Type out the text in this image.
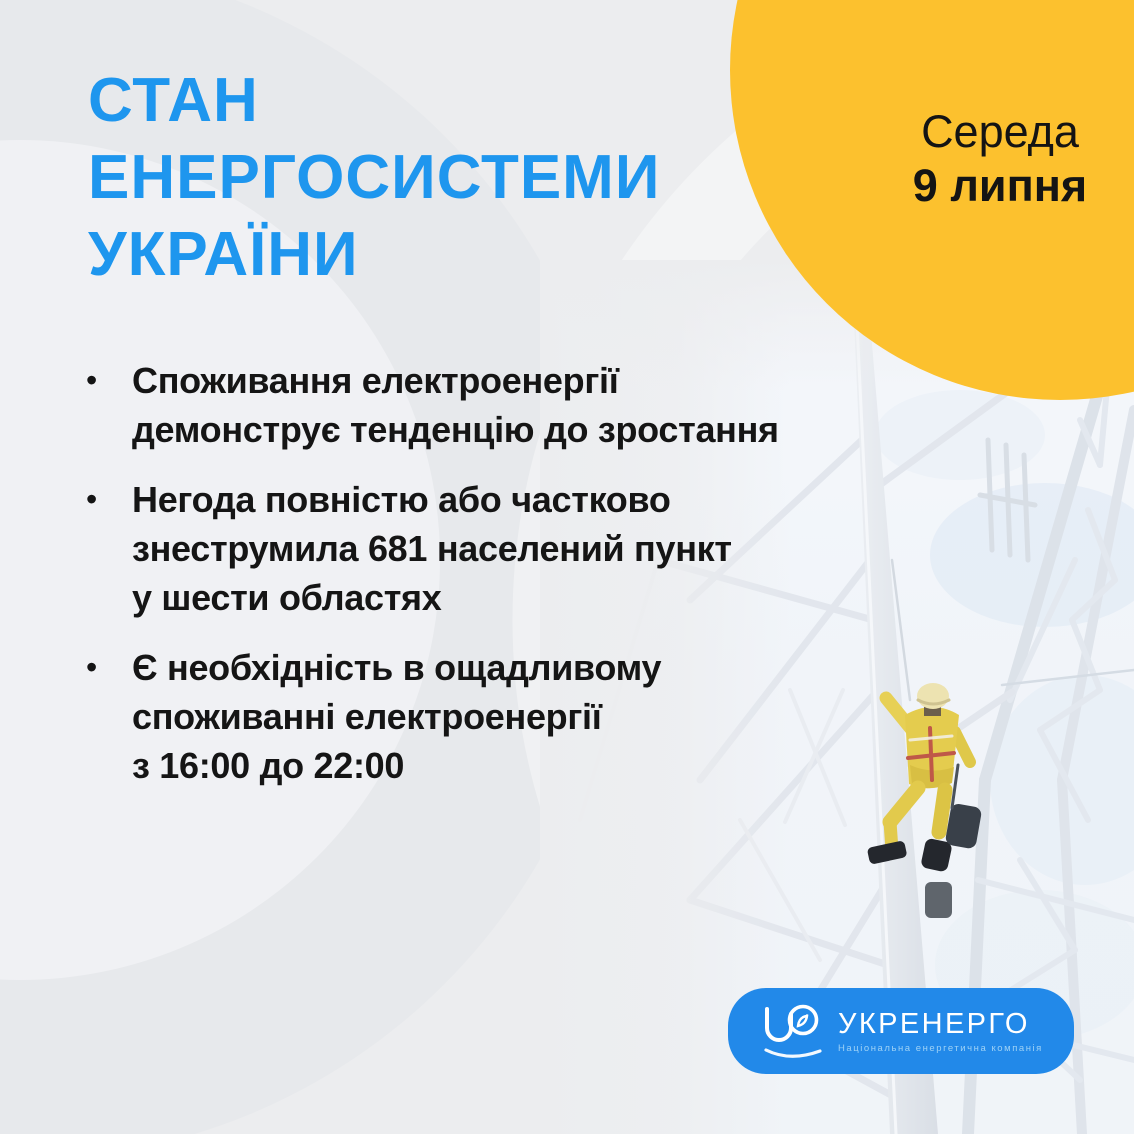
Середа
9 липня
СТАН
ЕНЕРГОСИСТЕМИ
УКРАЇНИ
• Споживання електроенергії
демонструє тенденцію до зростання
• Негода повністю або частково
знеструмила 681 населений пункт
у шести областях
• Є необхідність в ощадливому
споживанні електроенергії
з 16:00 до 22:00
УКРЕНЕРГО
Національна енергетична компанія
